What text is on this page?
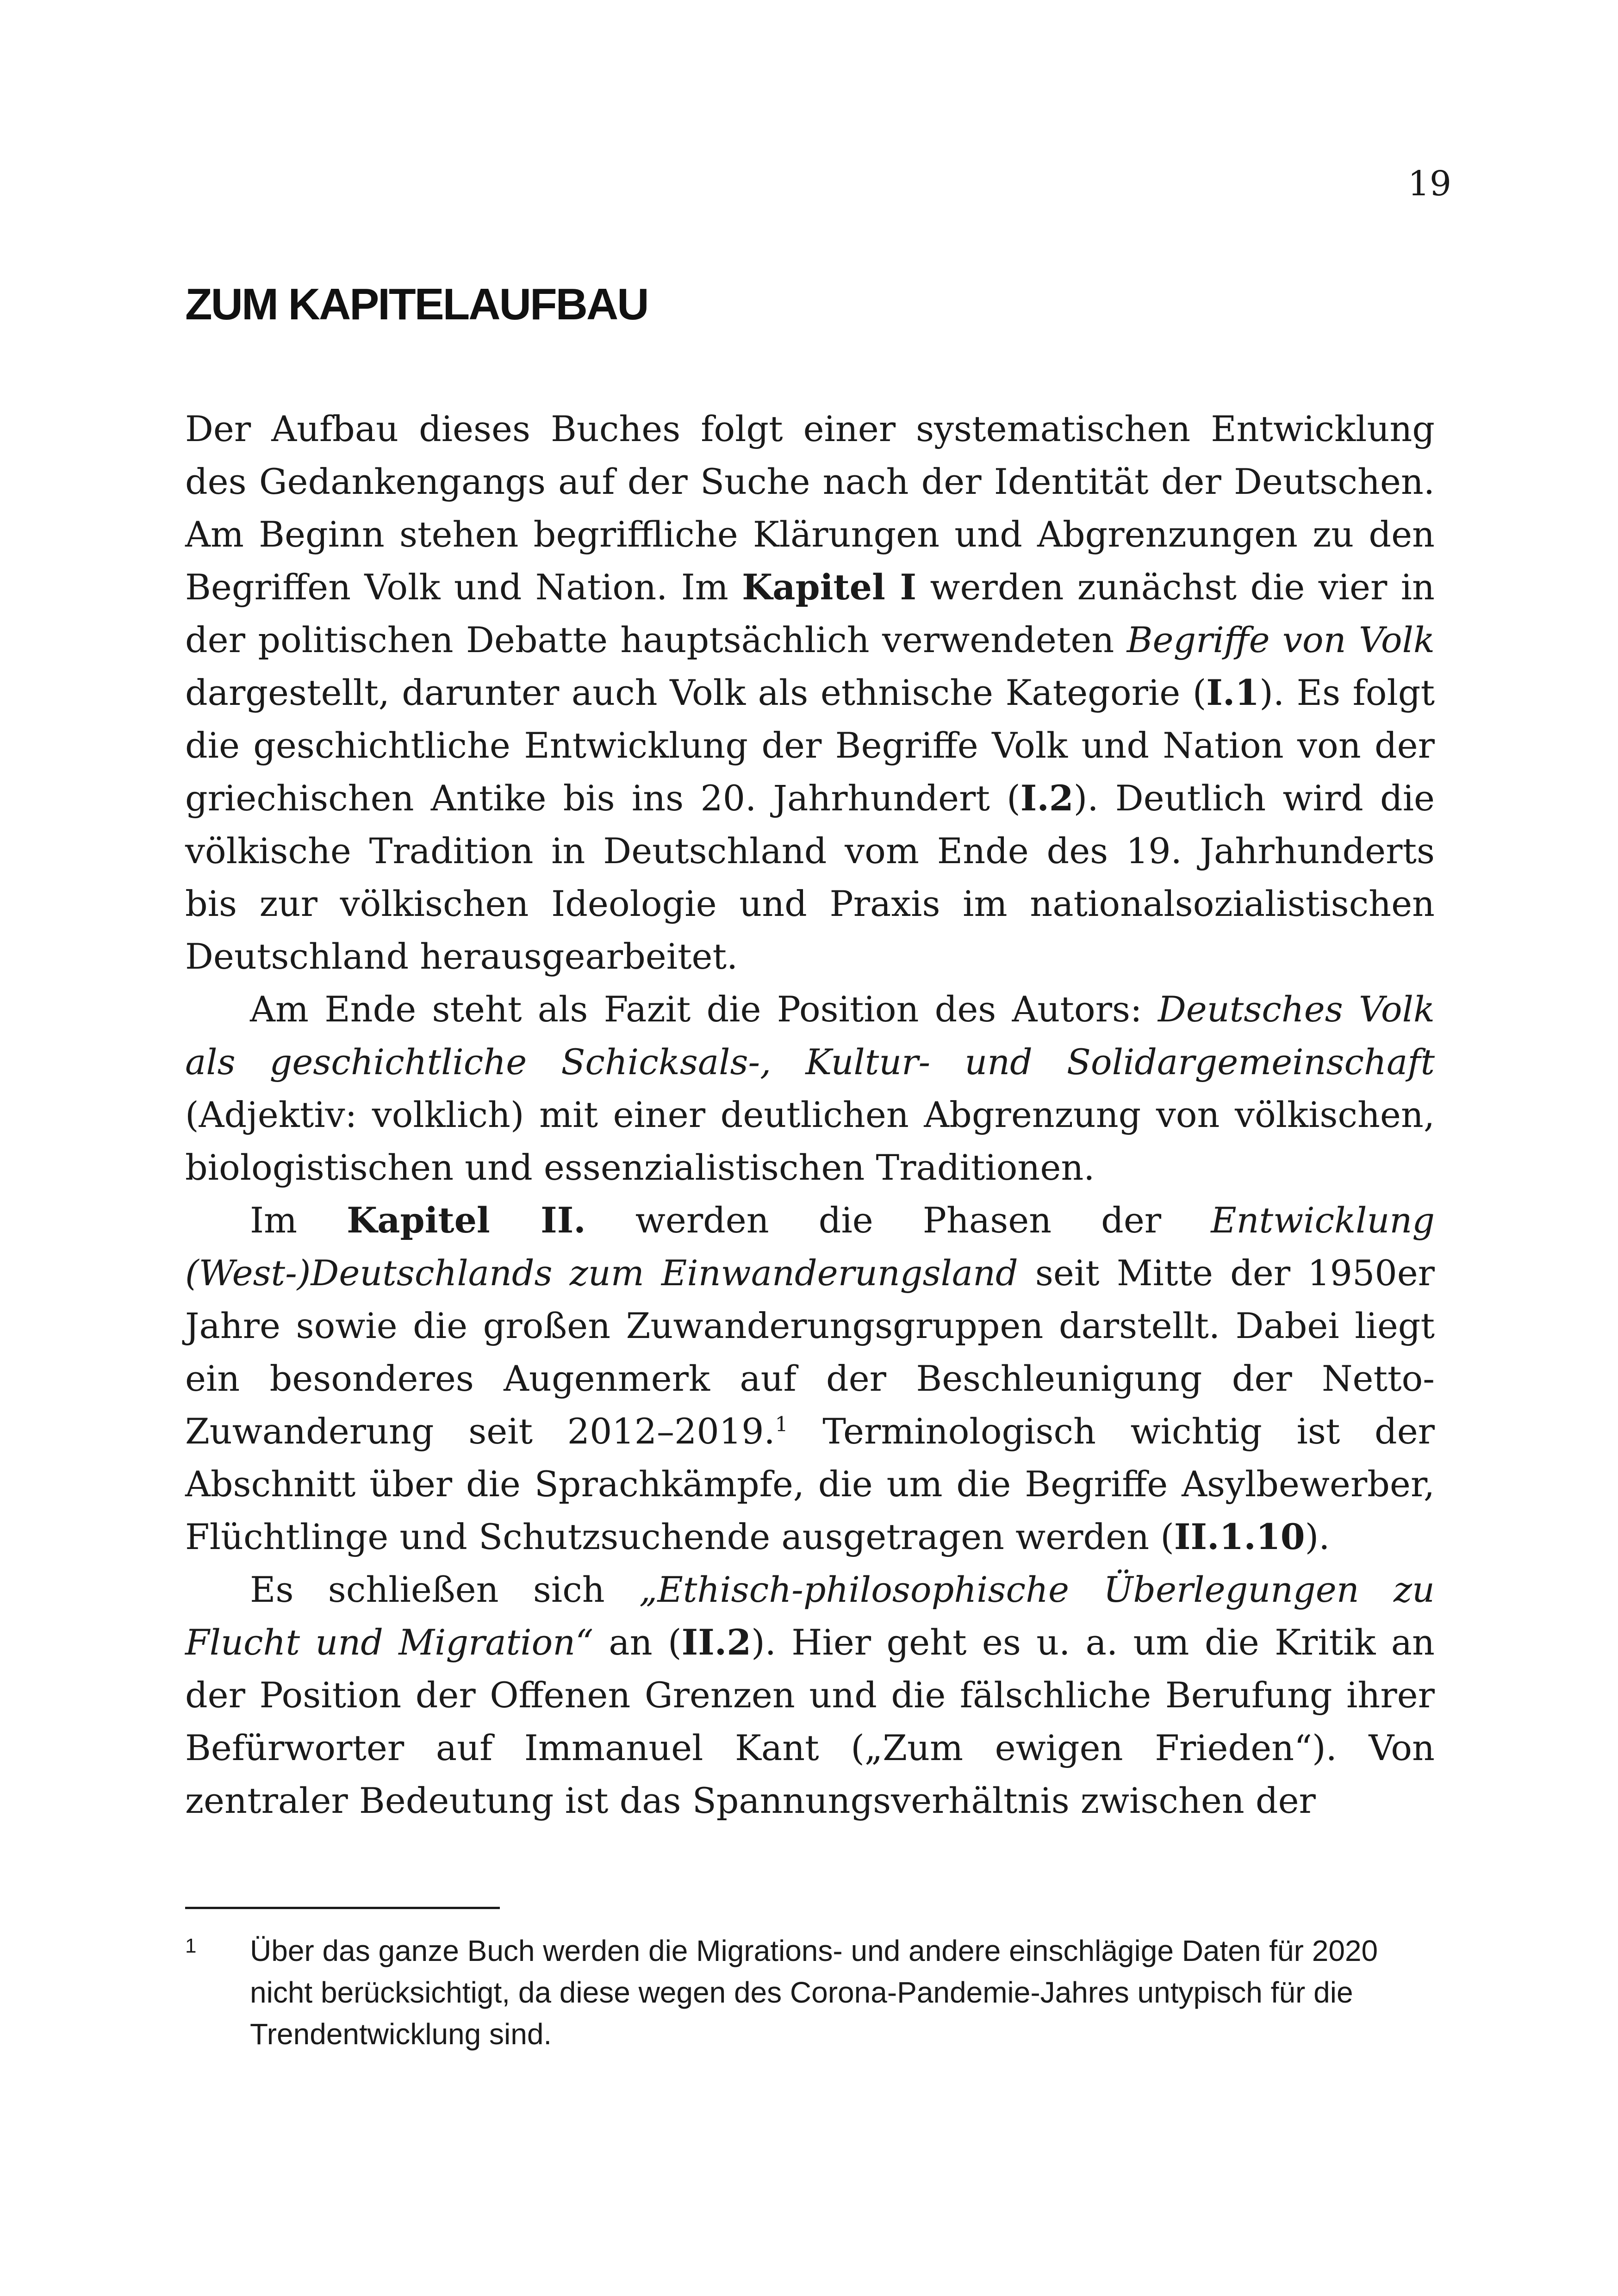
19
ZUM KAPITELAUFBAU

Der Aufbau dieses Buches folgt einer systematischen Entwicklung des Gedankengangs auf der Suche nach der Identität der Deutschen. Am Beginn stehen begriffliche Klärungen und Abgrenzungen zu den Begriffen Volk und Nation. Im Kapitel I werden zunächst die vier in der politischen Debatte hauptsächlich verwendeten Begriffe von Volk dargestellt, darunter auch Volk als ethnische Kategorie (I.1). Es folgt die geschichtliche Entwicklung der Begriffe Volk und Nation von der griechischen Antike bis ins 20. Jahrhundert (I.2). Deutlich wird die völkische Tradition in Deutschland vom Ende des 19. Jahrhunderts bis zur völkischen Ideologie und Praxis im nationalsozialistischen Deutschland herausgearbeitet.

Am Ende steht als Fazit die Position des Autors: Deutsches Volk als geschichtliche Schicksals-, Kultur- und Solidargemeinschaft (Adjektiv: volklich) mit einer deutlichen Abgrenzung von völkischen, biologistischen und essenzialistischen Traditionen.

Im Kapitel II. werden die Phasen der Entwicklung (West-)Deutschlands zum Einwanderungsland seit Mitte der 1950er Jahre sowie die großen Zuwanderungsgruppen darstellt. Dabei liegt ein besonderes Augenmerk auf der Beschleunigung der Netto-Zuwanderung seit 2012–2019.$^1$ Terminologisch wichtig ist der Abschnitt über die Sprachkämpfe, die um die Begriffe Asylbewerber, Flüchtlinge und Schutzsuchende ausgetragen werden (II.1.10).

Es schließen sich „Ethisch-philosophische Überlegungen zu Flucht und Migration“ an (II.2). Hier geht es u. a. um die Kritik an der Position der Offenen Grenzen und die fälschliche Berufung ihrer Befürworter auf Immanuel Kant („Zum ewigen Frieden“). Von zentraler Bedeutung ist das Spannungsverhältnis zwischen der

1 Über das ganze Buch werden die Migrations- und andere einschlägige Daten für 2020 nicht berücksichtigt, da diese wegen des Corona-Pandemie-Jahres untypisch für die Trendentwicklung sind.
